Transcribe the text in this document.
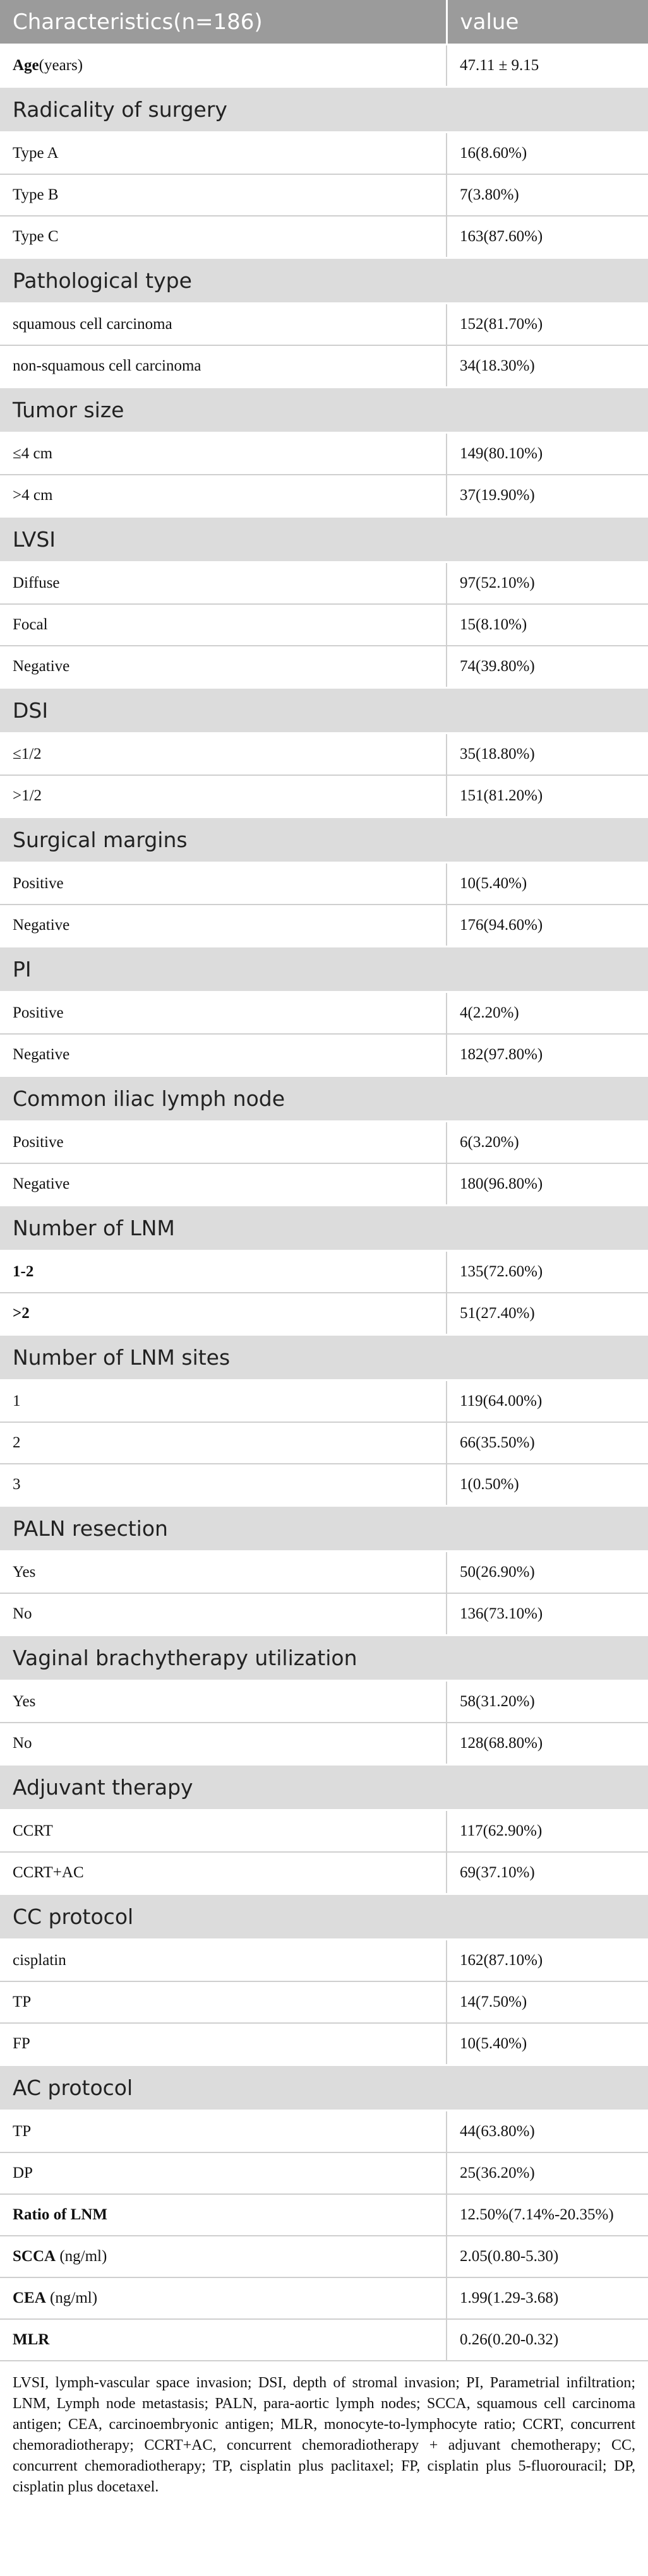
Characteristics(n=186)	value
Age(years)	47.11 ± 9.15
Radicality of surgery	
Type A	16(8.60%)
Type B	7(3.80%)
Type C	163(87.60%)
Pathological type	
squamous cell carcinoma	152(81.70%)
non-squamous cell carcinoma	34(18.30%)
Tumor size	
≤4 cm	149(80.10%)
>4 cm	37(19.90%)
LVSI	
Diffuse	97(52.10%)
Focal	15(8.10%)
Negative	74(39.80%)
DSI	
≤1/2	35(18.80%)
>1/2	151(81.20%)
Surgical margins	
Positive	10(5.40%)
Negative	176(94.60%)
PI	
Positive	4(2.20%)
Negative	182(97.80%)
Common iliac lymph node	
Positive	6(3.20%)
Negative	180(96.80%)
Number of LNM	
1-2	135(72.60%)
>2	51(27.40%)
Number of LNM sites	
1	119(64.00%)
2	66(35.50%)
3	1(0.50%)
PALN resection	
Yes	50(26.90%)
No	136(73.10%)
Vaginal brachytherapy utilization	
Yes	58(31.20%)
No	128(68.80%)
Adjuvant therapy	
CCRT	117(62.90%)
CCRT+AC	69(37.10%)
CC protocol	
cisplatin	162(87.10%)
TP	14(7.50%)
FP	10(5.40%)
AC protocol	
TP	44(63.80%)
DP	25(36.20%)
Ratio of LNM	12.50%(7.14%-20.35%)
SCCA (ng/ml)	2.05(0.80-5.30)
CEA (ng/ml)	1.99(1.29-3.68)
MLR	0.26(0.20-0.32)
LVSI, lymph-vascular space invasion; DSI, depth of stromal invasion; PI, Parametrial infiltration; LNM, Lymph node metastasis; PALN, para-aortic lymph nodes; SCCA, squamous cell carcinoma antigen; CEA, carcinoembryonic antigen; MLR, monocyte-to-lymphocyte ratio; CCRT, concurrent chemoradiotherapy; CCRT+AC, concurrent chemoradiotherapy + adjuvant chemotherapy; CC, concurrent chemoradiotherapy; TP, cisplatin plus paclitaxel; FP, cisplatin plus 5-fluorouracil; DP, cisplatin plus docetaxel.
